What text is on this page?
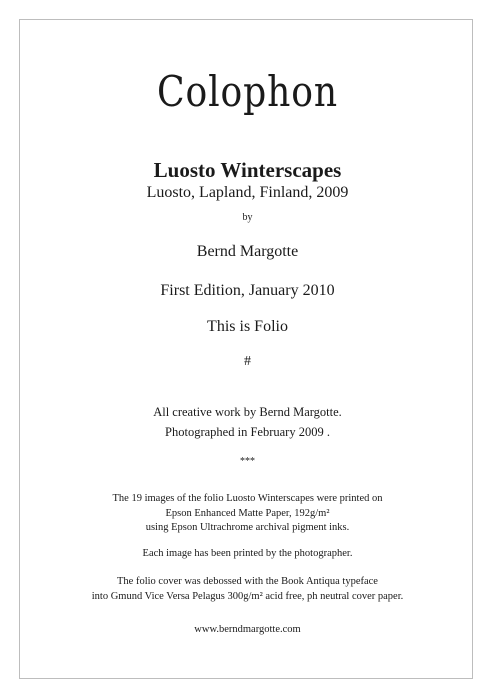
Colophon
Luosto Winterscapes
Luosto, Lapland, Finland, 2009
by
Bernd Margotte
First Edition, January 2010
This is Folio
#
All creative work by Bernd Margotte.
Photographed in February 2009 .
***
The 19 images of the folio Luosto Winterscapes were printed on
Epson Enhanced Matte Paper, 192g/m²
using Epson Ultrachrome archival pigment inks.
Each image has been printed by the photographer.
The folio cover was debossed with the Book Antiqua typeface
into Gmund Vice Versa Pelagus 300g/m² acid free, ph neutral cover paper.
www.berndmargotte.com
